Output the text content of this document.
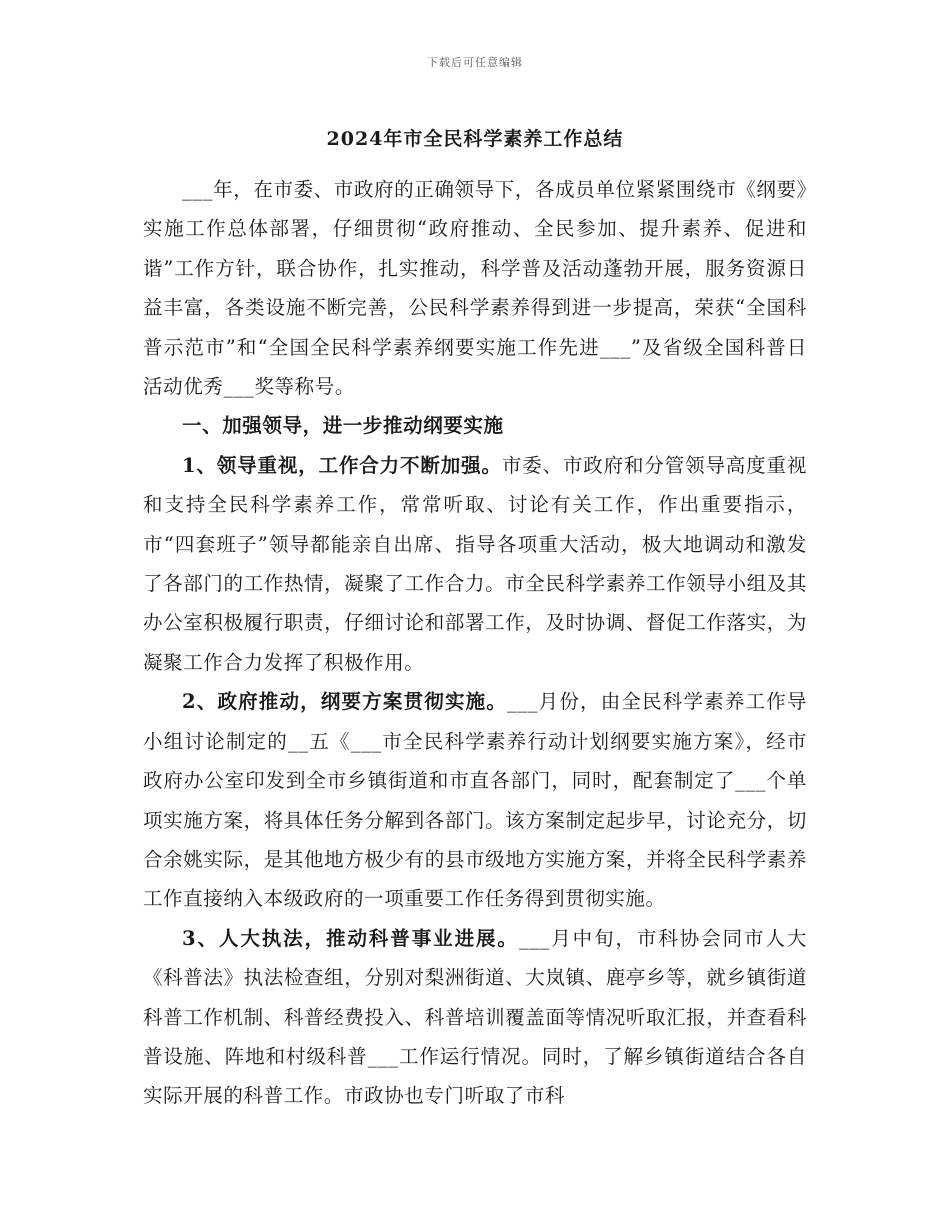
下载后可任意编辑
2024年市全民科学素养工作总结

___年，在市委、市政府的正确领导下，各成员单位紧紧围绕市《纲要》实施工作总体部署，仔细贯彻“政府推动、全民参加、提升素养、促进和谐”工作方针，联合协作，扎实推动，科学普及活动蓬勃开展，服务资源日益丰富，各类设施不断完善，公民科学素养得到进一步提高，荣获“全国科普示范市”和“全国全民科学素养纲要实施工作先进___”及省级全国科普日活动优秀___奖等称号。

一、加强领导，进一步推动纲要实施

1、领导重视，工作合力不断加强。市委、市政府和分管领导高度重视和支持全民科学素养工作，常常听取、讨论有关工作，作出重要指示，市“四套班子”领导都能亲自出席、指导各项重大活动，极大地调动和激发了各部门的工作热情，凝聚了工作合力。市全民科学素养工作领导小组及其办公室积极履行职责，仔细讨论和部署工作，及时协调、督促工作落实，为凝聚工作合力发挥了积极作用。

2、政府推动，纲要方案贯彻实施。___月份，由全民科学素养工作导小组讨论制定的__五《___市全民科学素养行动计划纲要实施方案》，经市政府办公室印发到全市乡镇街道和市直各部门，同时，配套制定了___个单项实施方案，将具体任务分解到各部门。该方案制定起步早，讨论充分，切合余姚实际，是其他地方极少有的县市级地方实施方案，并将全民科学素养工作直接纳入本级政府的一项重要工作任务得到贯彻实施。

3、人大执法，推动科普事业进展。___月中旬，市科协会同市人大《科普法》执法检查组，分别对梨洲街道、大岚镇、鹿亭乡等，就乡镇街道科普工作机制、科普经费投入、科普培训覆盖面等情况听取汇报，并查看科普设施、阵地和村级科普___工作运行情况。同时，了解乡镇街道结合各自实际开展的科普工作。市政协也专门听取了市科
